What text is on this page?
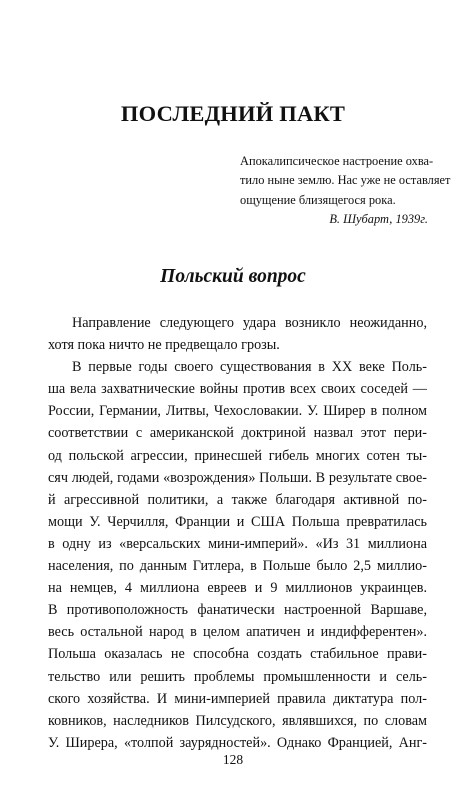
ПОСЛЕДНИЙ ПАКТ

Апокалипсическое настроение охва-
тило ныне землю. Нас уже не оставляет
ощущение близящегося рока.

В. Шубарт, 1939г.

Польский вопрос

Направление следующего удара возникло неожиданно,
хотя пока ничто не предвещало грозы.

В первые годы своего существования в XX веке Поль-
ша вела захватнические войны против всех своих соседей —
России, Германии, Литвы, Чехословакии. У. Ширер в полном
соответствии с американской доктриной назвал этот пери-
од польской агрессии, принесшей гибель многих сотен ты-
сяч людей, годами «возрождения» Польши. В результате свое-
й агрессивной политики, а также благодаря активной по-
мощи У. Черчилля, Франции и США Польша превратилась
в одну из «версальских мини-империй». «Из 31 миллиона
населения, по данным Гитлера, в Польше было 2,5 миллио-
на немцев, 4 миллиона евреев и 9 миллионов украинцев.
В противоположность фанатически настроенной Варшаве,
весь остальной народ в целом апатичен и индифферентен».
Польша оказалась не способна создать стабильное прави-
тельство или решить проблемы промышленности и сель-
ского хозяйства. И мини-империей правила диктатура пол-
ковников, наследников Пилсудского, являвшихся, по словам
У. Ширера, «толпой заурядностей». Однако Францией, Анг-

128
